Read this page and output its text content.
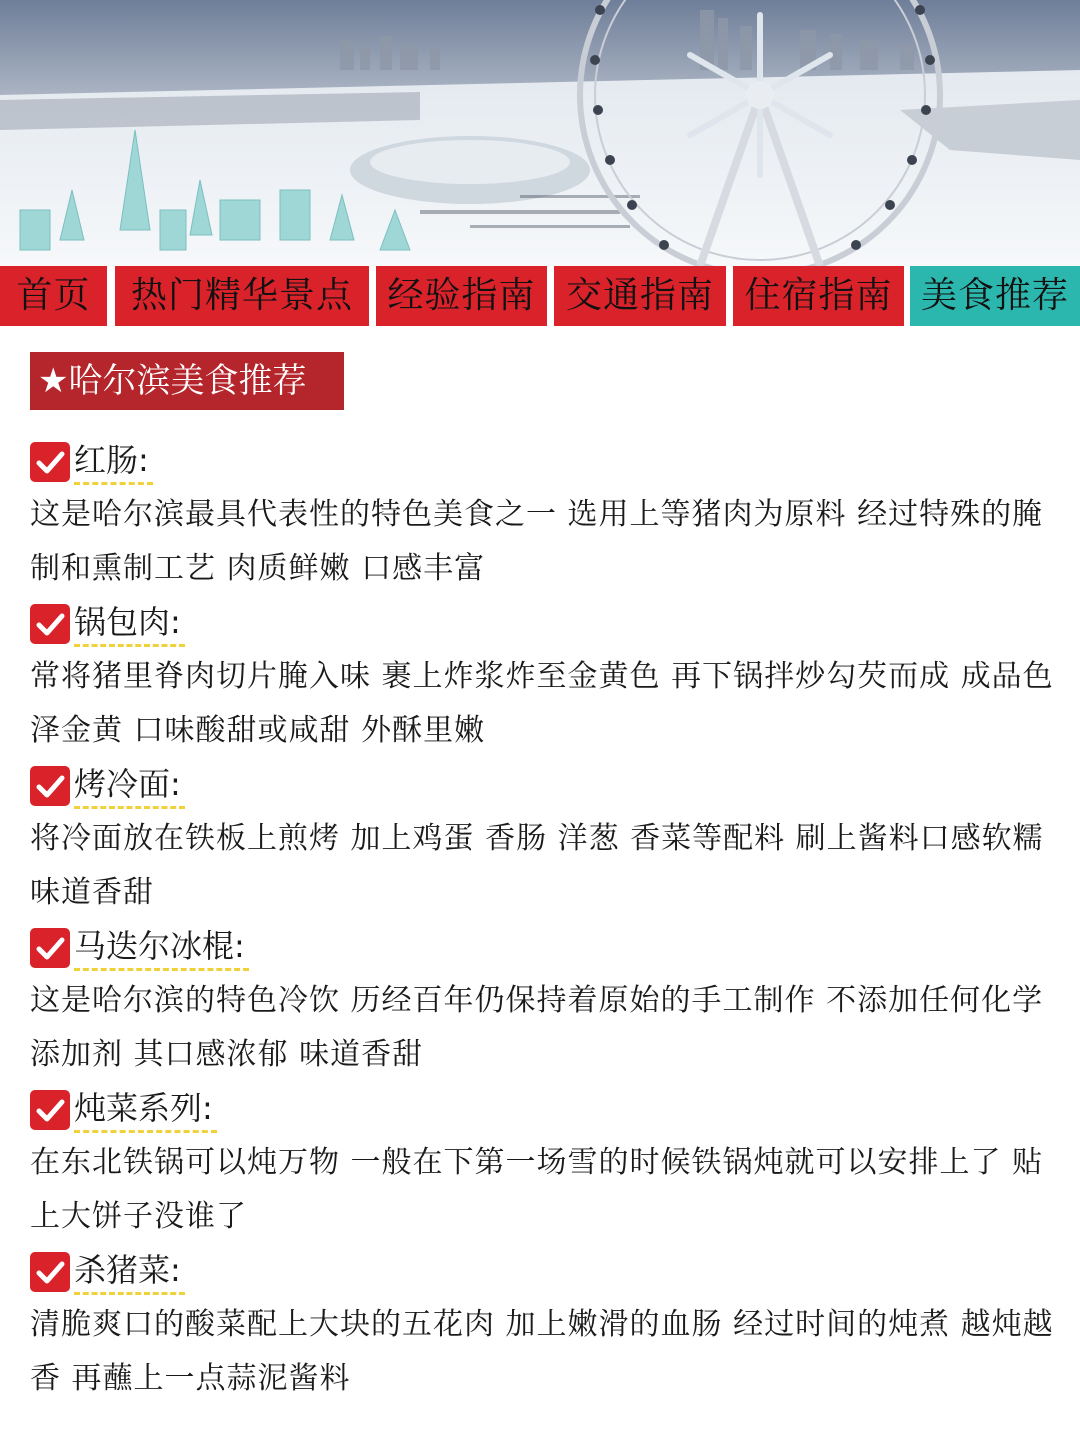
首页	热门精华景点 经验指南 交通指南 住宿指南 美食推荐
★哈尔滨美食推荐
红肠:

这是哈尔滨最具代表性的特色美食之一 选用上等猪肉为原料 经过特殊的腌制和熏制工艺 肉质鲜嫩 口感丰富

锅包肉:

常将猪里脊肉切片腌入味 裹上炸浆炸至金黄色 再下锅拌炒勾芡而成 成品色泽金黄 口味酸甜或咸甜 外酥里嫩

烤冷面:

将冷面放在铁板上煎烤 加上鸡蛋 香肠 洋葱 香菜等配料 刷上酱料口感软糯 味道香甜

马迭尔冰棍:

这是哈尔滨的特色冷饮 历经百年仍保持着原始的手工制作 不添加任何化学添加剂 其口感浓郁 味道香甜

炖菜系列:

在东北铁锅可以炖万物 一般在下第一场雪的时候铁锅炖就可以安排上了 贴上大饼子没谁了

杀猪菜:

清脆爽口的酸菜配上大块的五花肉 加上嫩滑的血肠 经过时间的炖煮 越炖越香 再蘸上一点蒜泥酱料
